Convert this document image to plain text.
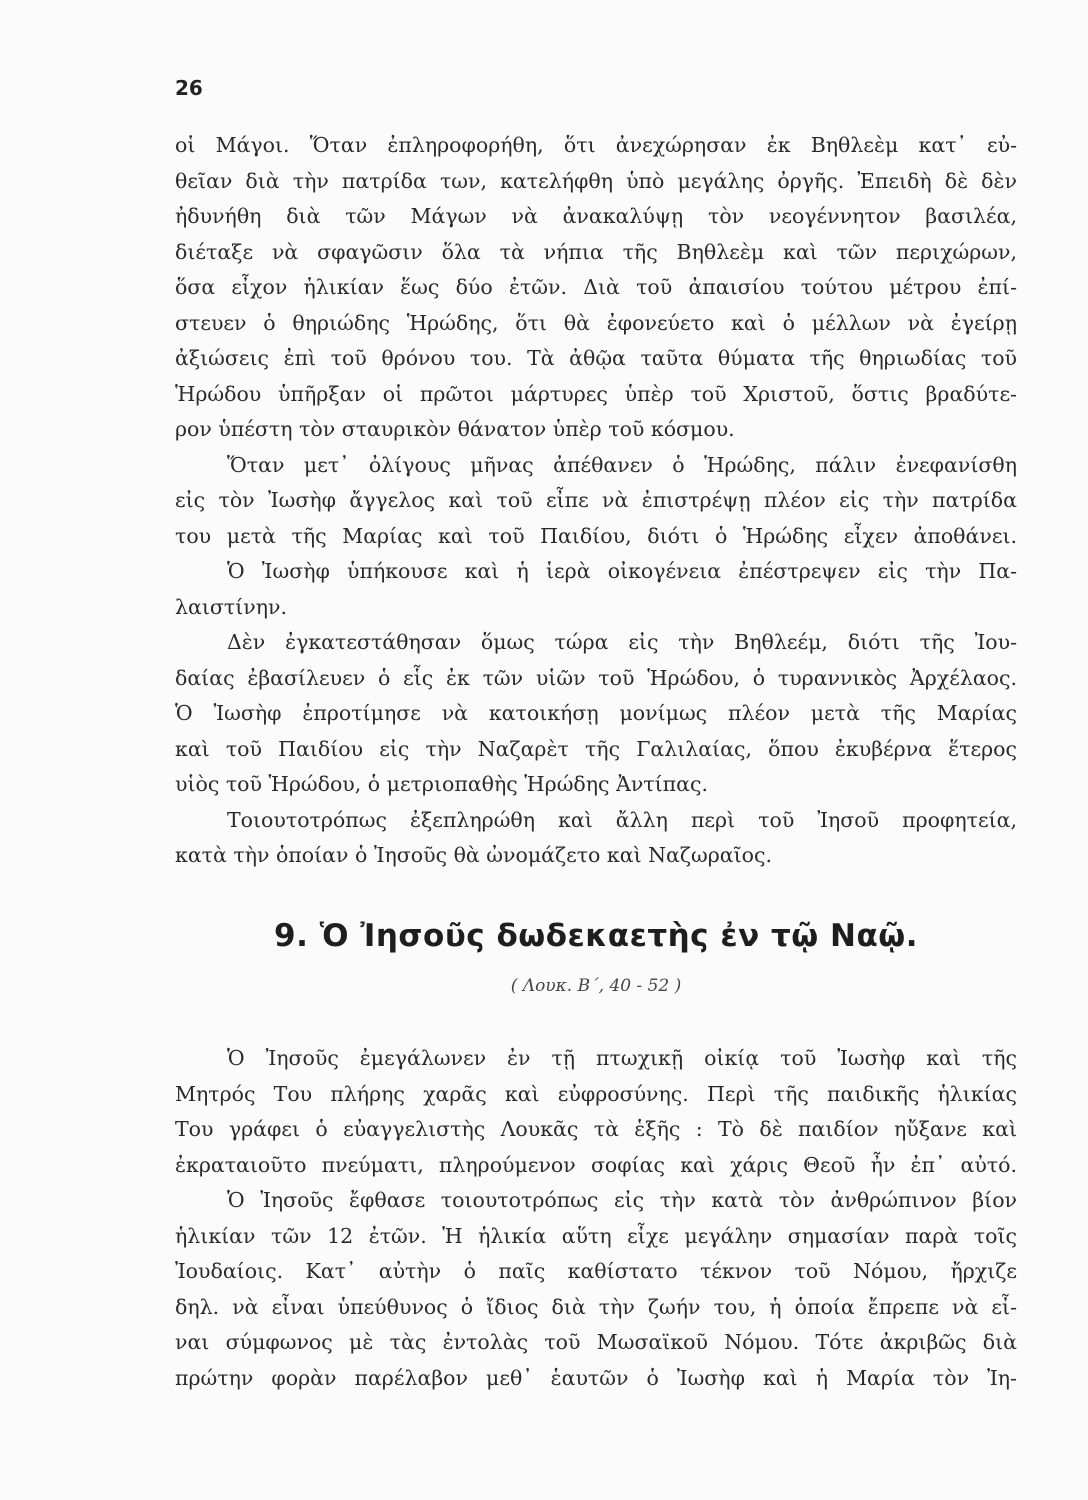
26

οἱ Μάγοι. Ὅταν ἐπληροφορήθη, ὅτι ἀνεχώρησαν ἐκ Βηθλεὲμ κατ᾽ εὐ-
θεῖαν διὰ τὴν πατρίδα των, κατελήφθη ὑπὸ μεγάλης ὀργῆς. Ἐπειδὴ δὲ δὲν
ἠδυνήθη διὰ τῶν Μάγων νὰ ἀνακαλύψῃ τὸν νεογέννητον βασιλέα,
διέταξε νὰ σφαγῶσιν ὅλα τὰ νήπια τῆς Βηθλεὲμ καὶ τῶν περιχώρων,
ὅσα εἶχον ἡλικίαν ἕως δύο ἐτῶν. Διὰ τοῦ ἀπαισίου τούτου μέτρου ἐπί-
στευεν ὁ θηριώδης Ἡρώδης, ὅτι θὰ ἐφονεύετο καὶ ὁ μέλλων νὰ ἐγείρῃ
ἀξιώσεις ἐπὶ τοῦ θρόνου του. Τὰ ἀθῷα ταῦτα θύματα τῆς θηριωδίας τοῦ
Ἡρώδου ὑπῆρξαν οἱ πρῶτοι μάρτυρες ὑπὲρ τοῦ Χριστοῦ, ὅστις βραδύτε-
ρον ὑπέστη τὸν σταυρικὸν θάνατον ὑπὲρ τοῦ κόσμου.

Ὅταν μετ᾽ ὀλίγους μῆνας ἀπέθανεν ὁ Ἡρώδης, πάλιν ἐνεφανίσθη
εἰς τὸν Ἰωσὴφ ἄγγελος καὶ τοῦ εἶπε νὰ ἐπιστρέψῃ πλέον εἰς τὴν πατρίδα
του μετὰ τῆς Μαρίας καὶ τοῦ Παιδίου, διότι ὁ Ἡρώδης εἶχεν ἀποθάνει.

Ὁ Ἰωσὴφ ὑπήκουσε καὶ ἡ ἱερὰ οἰκογένεια ἐπέστρεψεν εἰς τὴν Πα-
λαιστίνην.

Δὲν ἐγκατεστάθησαν ὅμως τώρα εἰς τὴν Βηθλεέμ, διότι τῆς Ἰου-
δαίας ἐβασίλευεν ὁ εἷς ἐκ τῶν υἱῶν τοῦ Ἡρώδου, ὁ τυραννικὸς Ἀρχέλαος.
Ὁ Ἰωσὴφ ἐπροτίμησε νὰ κατοικήσῃ μονίμως πλέον μετὰ τῆς Μαρίας
καὶ τοῦ Παιδίου εἰς τὴν Ναζαρὲτ τῆς Γαλιλαίας, ὅπου ἐκυβέρνα ἕτερος
υἱὸς τοῦ Ἡρώδου, ὁ μετριοπαθὴς Ἡρώδης Ἀντίπας.

Τοιουτοτρόπως ἐξεπληρώθη καὶ ἄλλη περὶ τοῦ Ἰησοῦ προφητεία,
κατὰ τὴν ὁποίαν ὁ Ἰησοῦς θὰ ὠνομάζετο καὶ Ναζωραῖος.

9. Ὁ Ἰησοῦς δωδεκαετὴς ἐν τῷ Ναῷ.
( Λουκ. Β΄, 40 - 52 )

Ὁ Ἰησοῦς ἐμεγάλωνεν ἐν τῇ πτωχικῇ οἰκίᾳ τοῦ Ἰωσὴφ καὶ τῆς
Μητρός Του πλήρης χαρᾶς καὶ εὐφροσύνης. Περὶ τῆς παιδικῆς ἡλικίας
Του γράφει ὁ εὐαγγελιστὴς Λουκᾶς τὰ ἑξῆς : Τὸ δὲ παιδίον ηὔξανε καὶ
ἐκραταιοῦτο πνεύματι, πληρούμενον σοφίας καὶ χάρις Θεοῦ ἦν ἐπ᾽ αὐτό.

Ὁ Ἰησοῦς ἔφθασε τοιουτοτρόπως εἰς τὴν κατὰ τὸν ἀνθρώπινον βίον
ἡλικίαν τῶν 12 ἐτῶν. Ἡ ἡλικία αὕτη εἶχε μεγάλην σημασίαν παρὰ τοῖς
Ἰουδαίοις. Κατ᾽ αὐτὴν ὁ παῖς καθίστατο τέκνον τοῦ Νόμου, ἤρχιζε
δηλ. νὰ εἶναι ὑπεύθυνος ὁ ἴδιος διὰ τὴν ζωήν του, ἡ ὁποία ἔπρεπε νὰ εἶ-
ναι σύμφωνος μὲ τὰς ἐντολὰς τοῦ Μωσαϊκοῦ Νόμου. Τότε ἀκριβῶς διὰ
πρώτην φορὰν παρέλαβον μεθ᾽ ἑαυτῶν ὁ Ἰωσὴφ καὶ ἡ Μαρία τὸν Ἰη-
